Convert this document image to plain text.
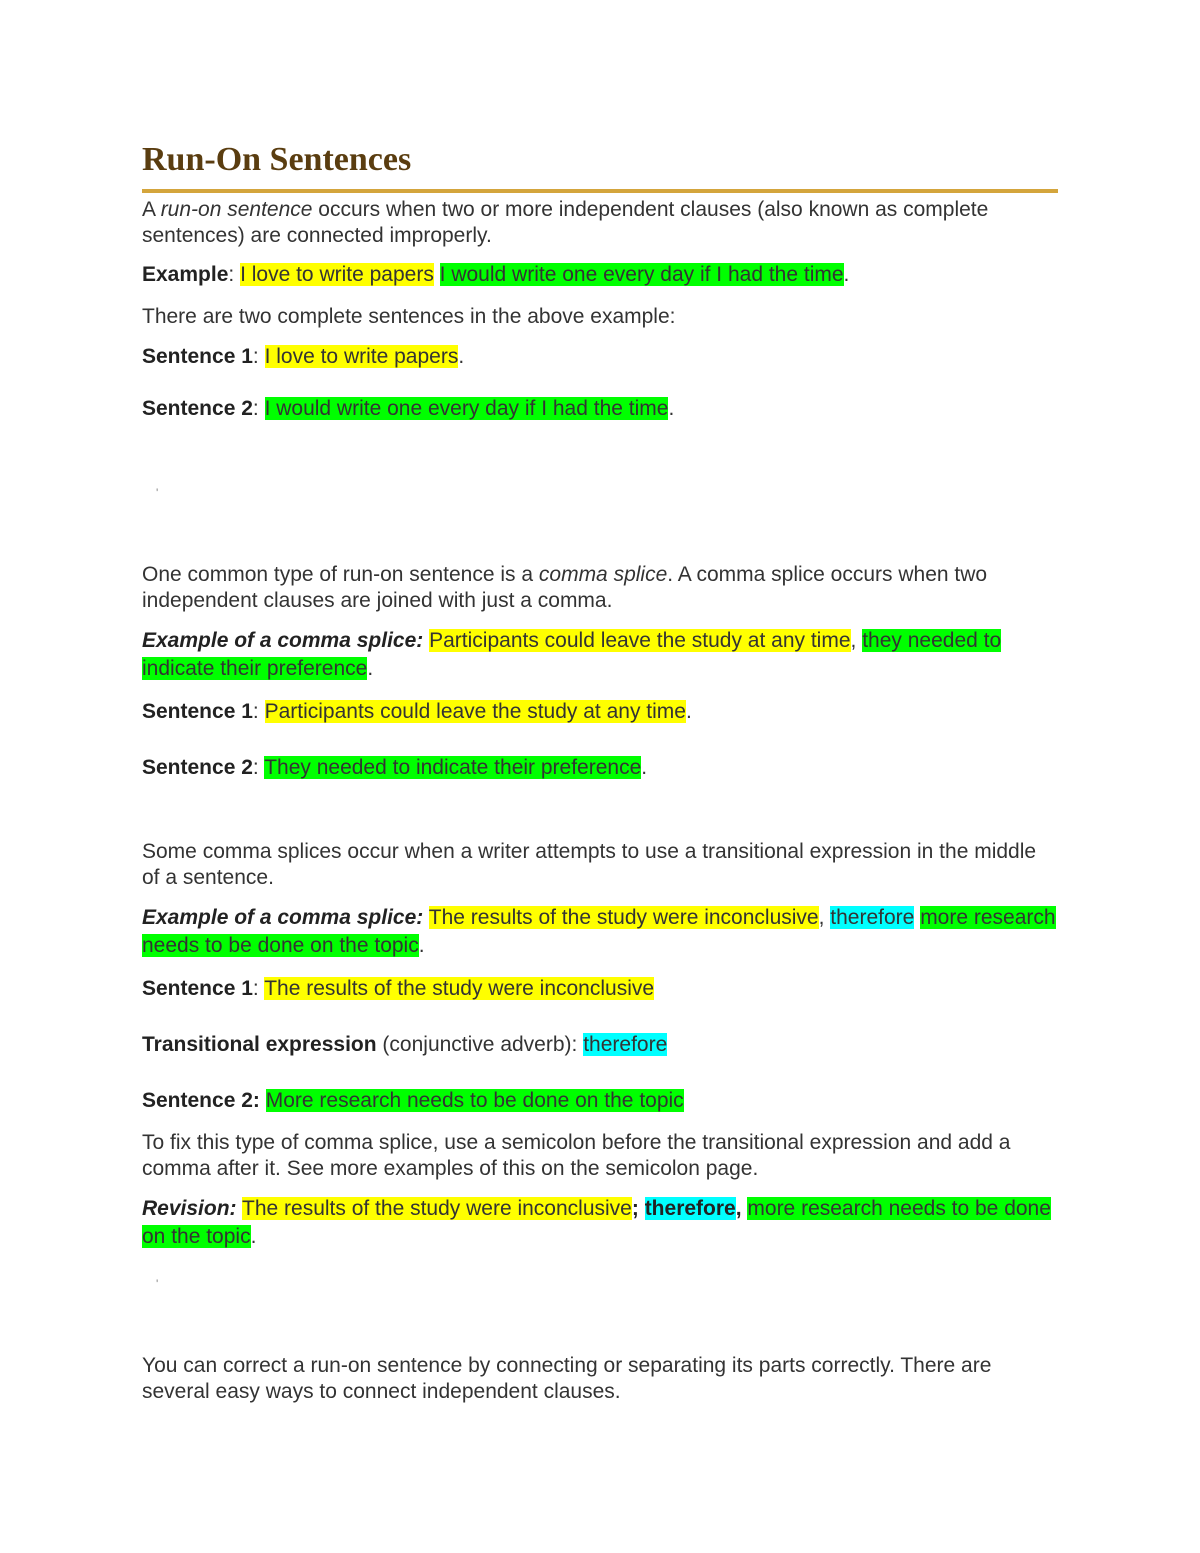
Run-On Sentences

A run-on sentence occurs when two or more independent clauses (also known as complete sentences) are connected improperly.

Example: I love to write papers I would write one every day if I had the time.

There are two complete sentences in the above example:

Sentence 1: I love to write papers.

Sentence 2: I would write one every day if I had the time.

'

One common type of run-on sentence is a comma splice. A comma splice occurs when two independent clauses are joined with just a comma.

Example of a comma splice: Participants could leave the study at any time, they needed to indicate their preference.

Sentence 1: Participants could leave the study at any time.

Sentence 2: They needed to indicate their preference.

Some comma splices occur when a writer attempts to use a transitional expression in the middle of a sentence.

Example of a comma splice: The results of the study were inconclusive, therefore more research needs to be done on the topic.

Sentence 1: The results of the study were inconclusive

Transitional expression (conjunctive adverb): therefore

Sentence 2: More research needs to be done on the topic

To fix this type of comma splice, use a semicolon before the transitional expression and add a comma after it. See more examples of this on the semicolon page.

Revision: The results of the study were inconclusive; therefore, more research needs to be done on the topic.

'

You can correct a run-on sentence by connecting or separating its parts correctly. There are several easy ways to connect independent clauses.
